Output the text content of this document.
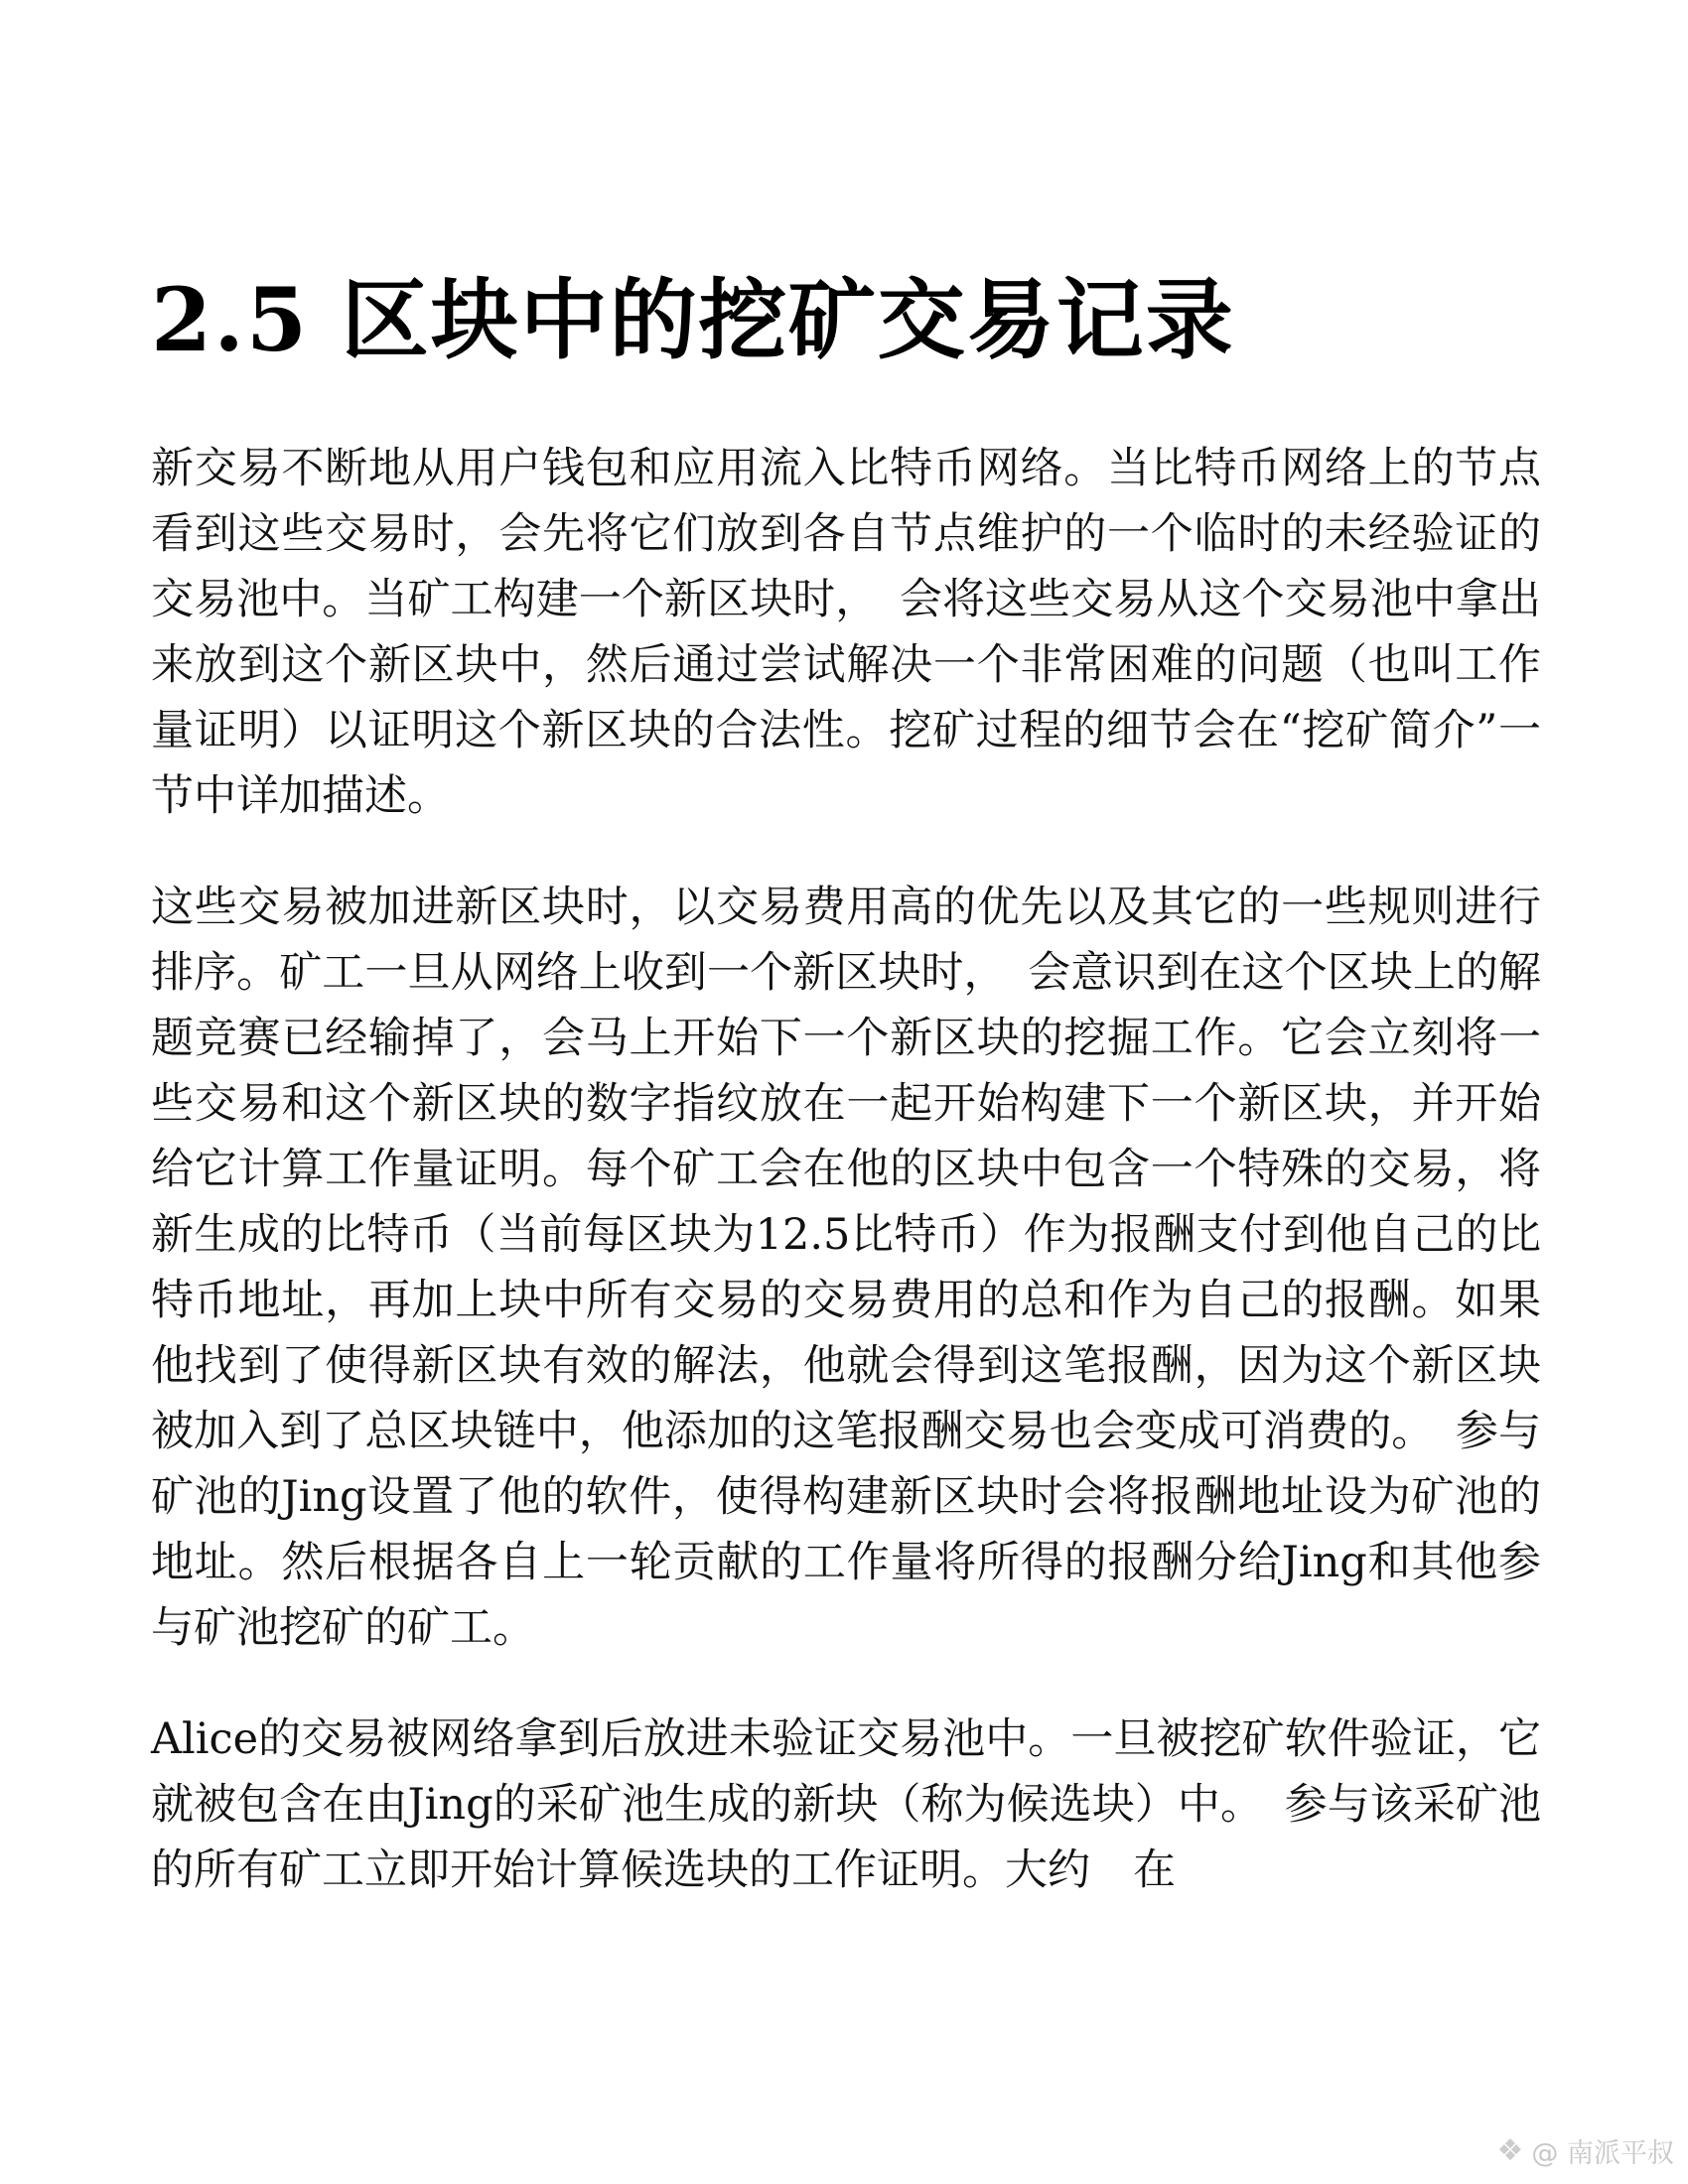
2.5 区块中的挖矿交易记录

新交易不断地从用户钱包和应用流入比特币网络。当比特币网络上的节点看到这些交易时，会先将它们放到各自节点维护的一个临时的未经验证的交易池中。当矿工构建一个新区块时，　会将这些交易从这个交易池中拿出来放到这个新区块中，然后通过尝试解决一个非常困难的问题（也叫工作量证明）以证明这个新区块的合法性。挖矿过程的细节会在“挖矿简介”一节中详加描述。

这些交易被加进新区块时，以交易费用高的优先以及其它的一些规则进行排序。矿工一旦从网络上收到一个新区块时，　会意识到在这个区块上的解题竞赛已经输掉了，会马上开始下一个新区块的挖掘工作。它会立刻将一些交易和这个新区块的数字指纹放在一起开始构建下一个新区块，并开始给它计算工作量证明。每个矿工会在他的区块中包含一个特殊的交易，将新生成的比特币（当前每区块为12.5比特币）作为报酬支付到他自己的比特币地址，再加上块中所有交易的交易费用的总和作为自己的报酬。如果他找到了使得新区块有效的解法，他就会得到这笔报酬，因为这个新区块被加入到了总区块链中，他添加的这笔报酬交易也会变成可消费的。　参与矿池的Jing设置了他的软件，使得构建新区块时会将报酬地址设为矿池的地址。然后根据各自上一轮贡献的工作量将所得的报酬分给Jing和其他参与矿池挖矿的矿工。

Alice的交易被网络拿到后放进未验证交易池中。一旦被挖矿软件验证，它就被包含在由Jing的采矿池生成的新块（称为候选块）中。　参与该采矿池的所有矿工立即开始计算候选块的工作证明。大约　在

❖ @ 南派平叔
